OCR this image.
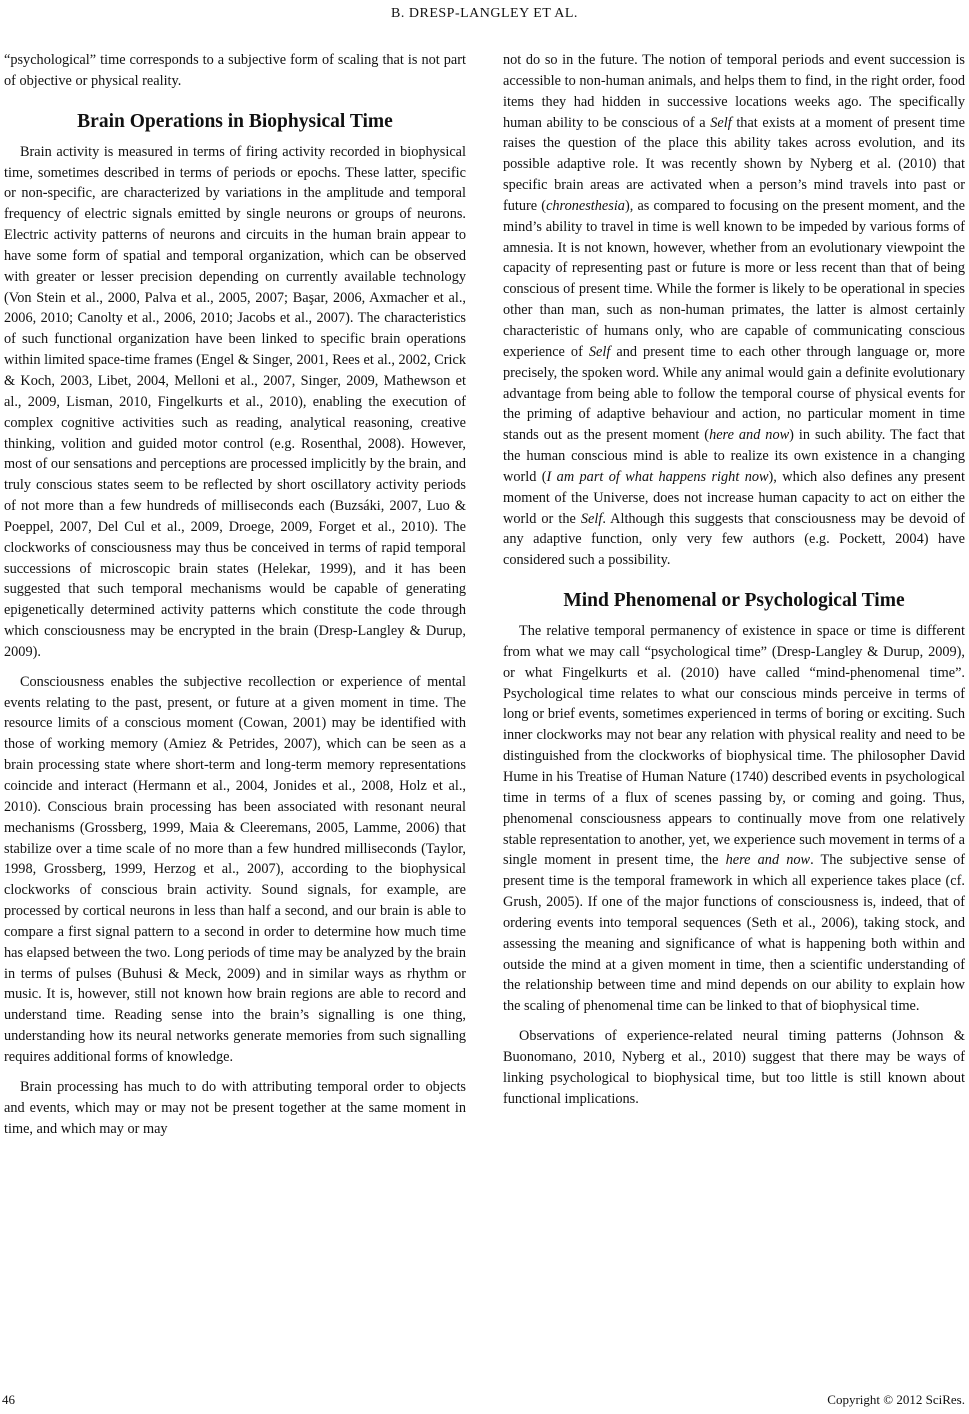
B. DRESP-LANGLEY ET AL.

“psychological” time corresponds to a subjective form of scaling that is not part of objective or physical reality.

Brain Operations in Biophysical Time

Brain activity is measured in terms of firing activity recorded in biophysical time, sometimes described in terms of periods or epochs. These latter, specific or non-specific, are characterized by variations in the amplitude and temporal frequency of electric signals emitted by single neurons or groups of neurons. Electric activity patterns of neurons and circuits in the human brain appear to have some form of spatial and temporal organization, which can be observed with greater or lesser precision depending on currently available technology (Von Stein et al., 2000, Palva et al., 2005, 2007; Başar, 2006, Axmacher et al., 2006, 2010; Canolty et al., 2006, 2010; Jacobs et al., 2007). The characteristics of such functional organization have been linked to specific brain operations within limited space-time frames (Engel & Singer, 2001, Rees et al., 2002, Crick & Koch, 2003, Libet, 2004, Melloni et al., 2007, Singer, 2009, Mathewson et al., 2009, Lisman, 2010, Fingelkurts et al., 2010), enabling the execution of complex cognitive activities such as reading, analytical reasoning, creative thinking, volition and guided motor control (e.g. Rosenthal, 2008). However, most of our sensations and perceptions are processed implicitly by the brain, and truly conscious states seem to be reflected by short oscillatory activity periods of not more than a few hundreds of milliseconds each (Buzsáki, 2007, Luo & Poeppel, 2007, Del Cul et al., 2009, Droege, 2009, Forget et al., 2010). The clockworks of consciousness may thus be conceived in terms of rapid temporal successions of microscopic brain states (Helekar, 1999), and it has been suggested that such temporal mechanisms would be capable of generating epigenetically determined activity patterns which constitute the code through which consciousness may be encrypted in the brain (Dresp-Langley & Durup, 2009).

Consciousness enables the subjective recollection or experience of mental events relating to the past, present, or future at a given moment in time. The resource limits of a conscious moment (Cowan, 2001) may be identified with those of working memory (Amiez & Petrides, 2007), which can be seen as a brain processing state where short-term and long-term memory representations coincide and interact (Hermann et al., 2004, Jonides et al., 2008, Holz et al., 2010). Conscious brain processing has been associated with resonant neural mechanisms (Grossberg, 1999, Maia & Cleeremans, 2005, Lamme, 2006) that stabilize over a time scale of no more than a few hundred milliseconds (Taylor, 1998, Grossberg, 1999, Herzog et al., 2007), according to the biophysical clockworks of conscious brain activity. Sound signals, for example, are processed by cortical neurons in less than half a second, and our brain is able to compare a first signal pattern to a second in order to determine how much time has elapsed between the two. Long periods of time may be analyzed by the brain in terms of pulses (Buhusi & Meck, 2009) and in similar ways as rhythm or music. It is, however, still not known how brain regions are able to record and understand time. Reading sense into the brain’s signalling is one thing, understanding how its neural networks generate memories from such signalling requires additional forms of knowledge.

Brain processing has much to do with attributing temporal order to objects and events, which may or may not be present together at the same moment in time, and which may or may

not do so in the future. The notion of temporal periods and event succession is accessible to non-human animals, and helps them to find, in the right order, food items they had hidden in successive locations weeks ago. The specifically human ability to be conscious of a Self that exists at a moment of present time raises the question of the place this ability takes across evolution, and its possible adaptive role. It was recently shown by Nyberg et al. (2010) that specific brain areas are activated when a person’s mind travels into past or future (chronesthesia), as compared to focusing on the present moment, and the mind’s ability to travel in time is well known to be impeded by various forms of amnesia. It is not known, however, whether from an evolutionary viewpoint the capacity of representing past or future is more or less recent than that of being conscious of present time. While the former is likely to be operational in species other than man, such as non-human primates, the latter is almost certainly characteristic of humans only, who are capable of communicating conscious experience of Self and present time to each other through language or, more precisely, the spoken word. While any animal would gain a definite evolutionary advantage from being able to follow the temporal course of physical events for the priming of adaptive behaviour and action, no particular moment in time stands out as the present moment (here and now) in such ability. The fact that the human conscious mind is able to realize its own existence in a changing world (I am part of what happens right now), which also defines any present moment of the Universe, does not increase human capacity to act on either the world or the Self. Although this suggests that consciousness may be devoid of any adaptive function, only very few authors (e.g. Pockett, 2004) have considered such a possibility.

Mind Phenomenal or Psychological Time

The relative temporal permanency of existence in space or time is different from what we may call “psychological time” (Dresp-Langley & Durup, 2009), or what Fingelkurts et al. (2010) have called “mind-phenomenal time”. Psychological time relates to what our conscious minds perceive in terms of long or brief events, sometimes experienced in terms of boring or exciting. Such inner clockworks may not bear any relation with physical reality and need to be distinguished from the clockworks of biophysical time. The philosopher David Hume in his Treatise of Human Nature (1740) described events in psychological time in terms of a flux of scenes passing by, or coming and going. Thus, phenomenal consciousness appears to continually move from one relatively stable representation to another, yet, we experience such movement in terms of a single moment in present time, the here and now. The subjective sense of present time is the temporal framework in which all experience takes place (cf. Grush, 2005). If one of the major functions of consciousness is, indeed, that of ordering events into temporal sequences (Seth et al., 2006), taking stock, and assessing the meaning and significance of what is happening both within and outside the mind at a given moment in time, then a scientific understanding of the relationship between time and mind depends on our ability to explain how the scaling of phenomenal time can be linked to that of biophysical time.

Observations of experience-related neural timing patterns (Johnson & Buonomano, 2010, Nyberg et al., 2010) suggest that there may be ways of linking psychological to biophysical time, but too little is still known about functional implications.

46	Copyright © 2012 SciRes.
